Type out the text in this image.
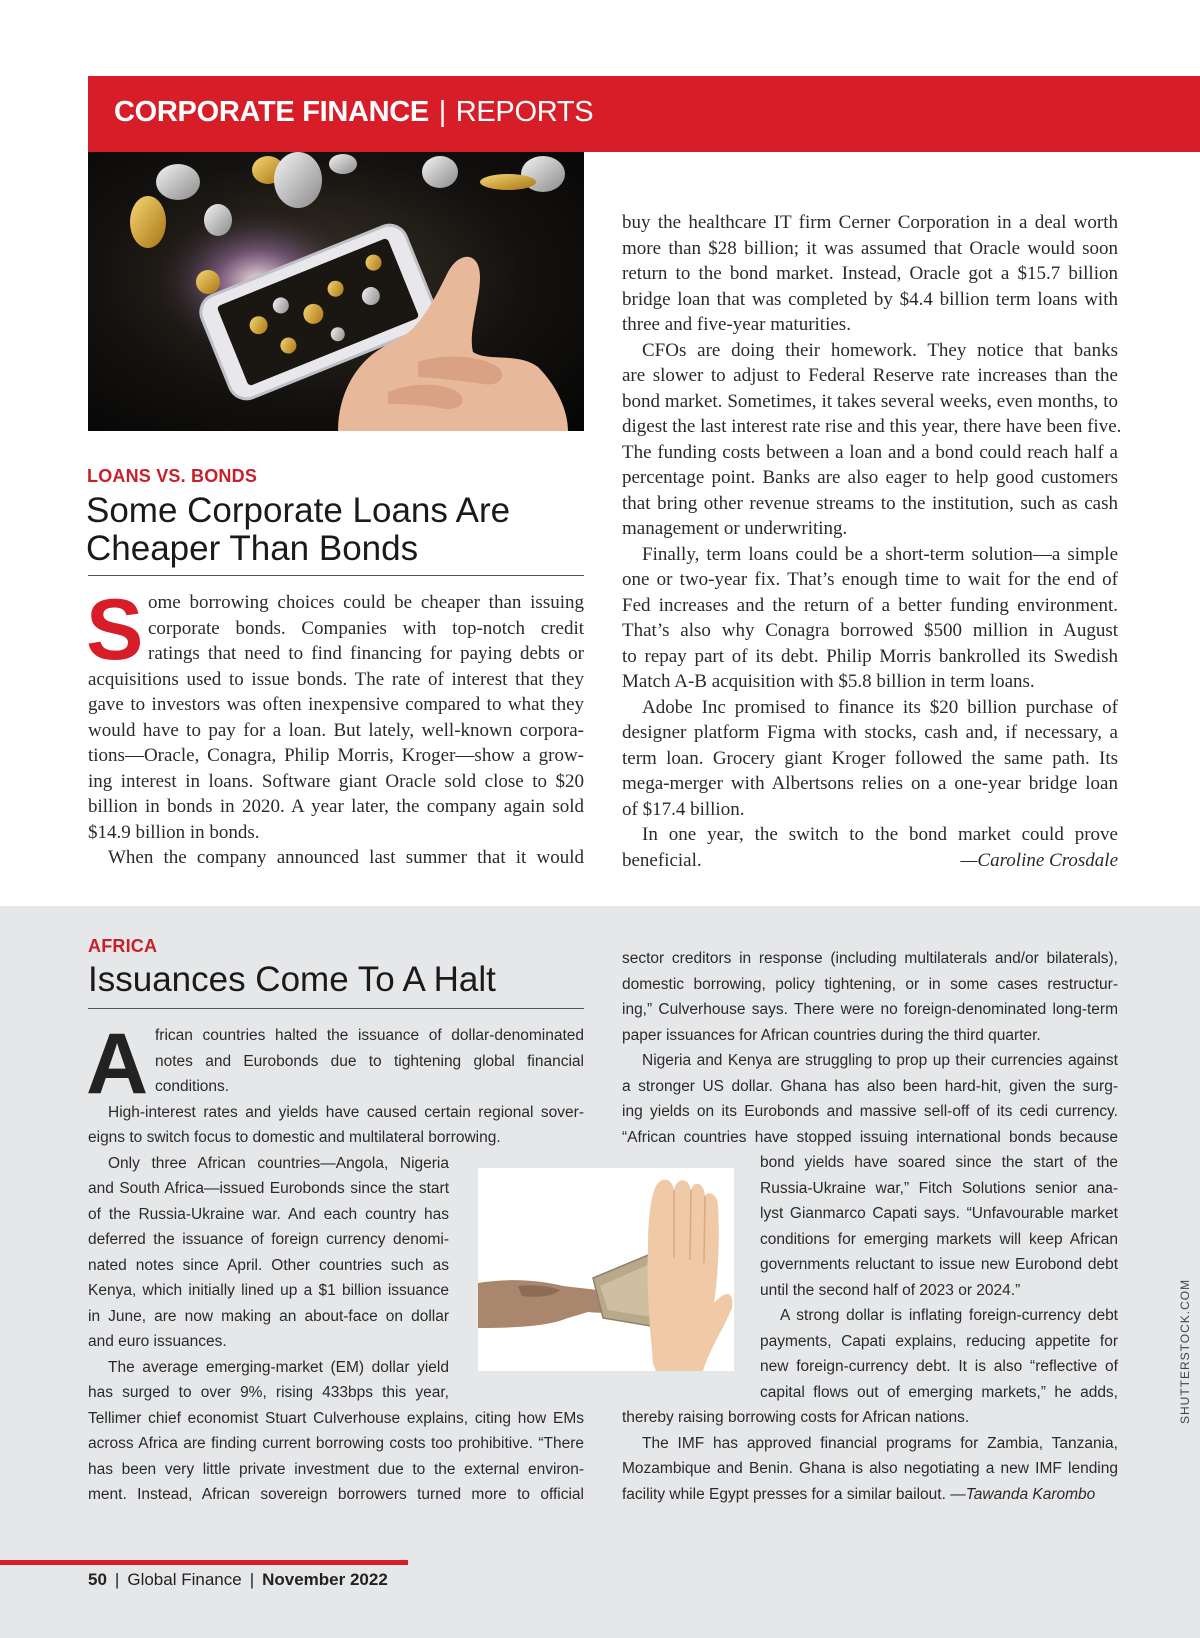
CORPORATE FINANCE | REPORTS
LOANS VS. BONDS
Some Corporate Loans Are
Cheaper Than Bonds
S ome borrowing choices could be cheaper than issuing
corporate bonds. Companies with top-notch credit
ratings that need to find financing for paying debts or
acquisitions used to issue bonds. The rate of interest that they
gave to investors was often inexpensive compared to what they
would have to pay for a loan. But lately, well-known corpora-
tions—Oracle, Conagra, Philip Morris, Kroger—show a grow-
ing interest in loans. Software giant Oracle sold close to $20
billion in bonds in 2020. A year later, the company again sold
$14.9 billion in bonds.
When the company announced last summer that it would
buy the healthcare IT firm Cerner Corporation in a deal worth
more than $28 billion; it was assumed that Oracle would soon
return to the bond market. Instead, Oracle got a $15.7 billion
bridge loan that was completed by $4.4 billion term loans with
three and five-year maturities.
CFOs are doing their homework. They notice that banks
are slower to adjust to Federal Reserve rate increases than the
bond market. Sometimes, it takes several weeks, even months, to
digest the last interest rate rise and this year, there have been five.
The funding costs between a loan and a bond could reach half a
percentage point. Banks are also eager to help good customers
that bring other revenue streams to the institution, such as cash
management or underwriting.
Finally, term loans could be a short-term solution—a simple
one or two-year fix. That’s enough time to wait for the end of
Fed increases and the return of a better funding environment.
That’s also why Conagra borrowed $500 million in August
to repay part of its debt. Philip Morris bankrolled its Swedish
Match A-B acquisition with $5.8 billion in term loans.
Adobe Inc promised to finance its $20 billion purchase of
designer platform Figma with stocks, cash and, if necessary, a
term loan. Grocery giant Kroger followed the same path. Its
mega-merger with Albertsons relies on a one-year bridge loan
of $17.4 billion.
In one year, the switch to the bond market could prove
beneficial.	—Caroline Crosdale
AFRICA
Issuances Come To A Halt
A frican countries halted the issuance of dollar-denominated
notes and Eurobonds due to tightening global financial
conditions.
High-interest rates and yields have caused certain regional sover-
eigns to switch focus to domestic and multilateral borrowing.
Only three African countries—Angola, Nigeria
and South Africa—issued Eurobonds since the start
of the Russia-Ukraine war. And each country has
deferred the issuance of foreign currency denomi-
nated notes since April. Other countries such as
Kenya, which initially lined up a $1 billion issuance
in June, are now making an about-face on dollar
and euro issuances.
The average emerging-market (EM) dollar yield
has surged to over 9%, rising 433bps this year,
Tellimer chief economist Stuart Culverhouse explains, citing how EMs
across Africa are finding current borrowing costs too prohibitive. “There
has been very little private investment due to the external environ-
ment. Instead, African sovereign borrowers turned more to official
sector creditors in response (including multilaterals and/or bilaterals),
domestic borrowing, policy tightening, or in some cases restructur-
ing,” Culverhouse says. There were no foreign-denominated long-term
paper issuances for African countries during the third quarter.
Nigeria and Kenya are struggling to prop up their currencies against
a stronger US dollar. Ghana has also been hard-hit, given the surg-
ing yields on its Eurobonds and massive sell-off of its cedi currency.
“African countries have stopped issuing international bonds because
bond yields have soared since the start of the
Russia-Ukraine war,” Fitch Solutions senior ana-
lyst Gianmarco Capati says. “Unfavourable market
conditions for emerging markets will keep African
governments reluctant to issue new Eurobond debt
until the second half of 2023 or 2024.”
A strong dollar is inflating foreign-currency debt
payments, Capati explains, reducing appetite for
new foreign-currency debt. It is also “reflective of
capital flows out of emerging markets,” he adds,
thereby raising borrowing costs for African nations.
The IMF has approved financial programs for Zambia, Tanzania,
Mozambique and Benin. Ghana is also negotiating a new IMF lending
facility while Egypt presses for a similar bailout. —Tawanda Karombo
SHUTTERSTOCK.COM
50 | Global Finance | November 2022
